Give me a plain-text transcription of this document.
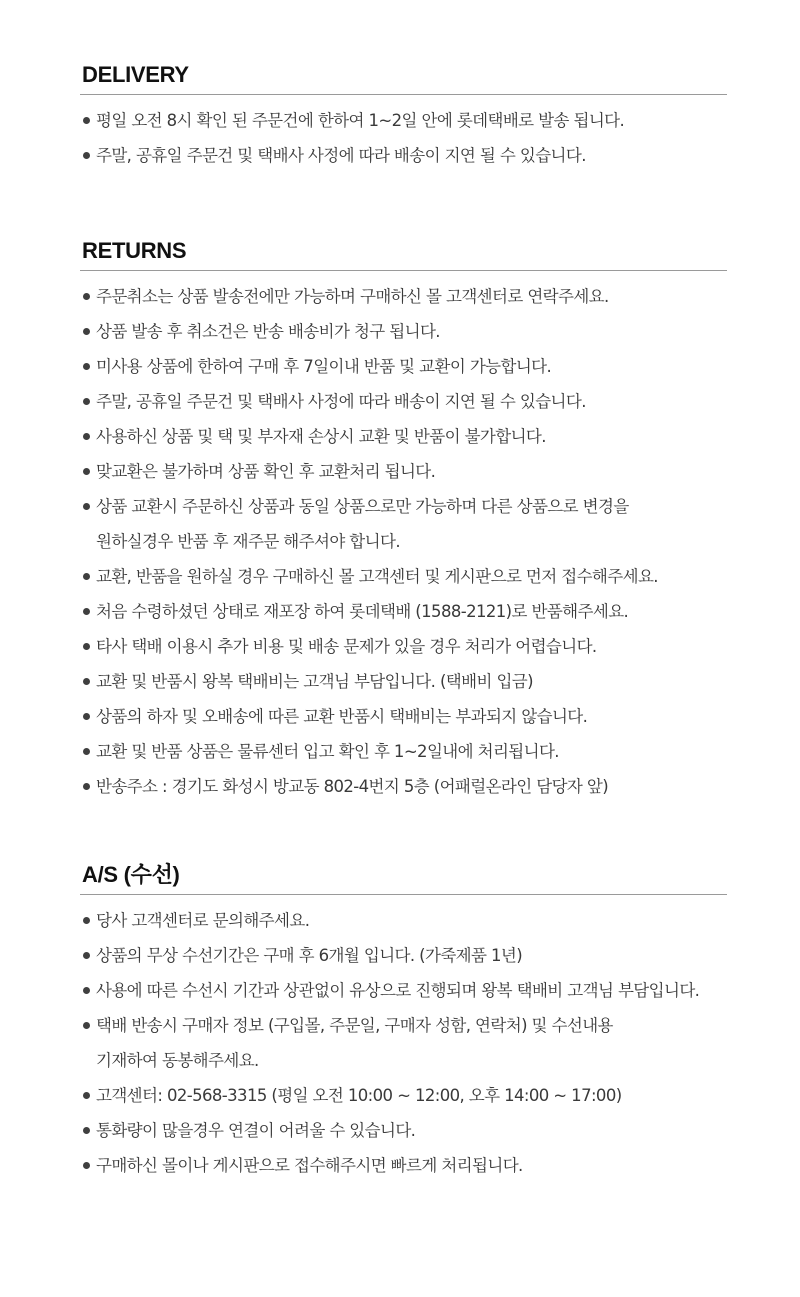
DELIVERY
평일 오전 8시 확인 된 주문건에 한하여 1~2일 안에 롯데택배로 발송 됩니다.
주말, 공휴일 주문건 및 택배사 사정에 따라 배송이 지연 될 수 있습니다.
RETURNS
주문취소는 상품 발송전에만 가능하며 구매하신 몰 고객센터로 연락주세요.
상품 발송 후 취소건은 반송 배송비가 청구 됩니다.
미사용 상품에 한하여 구매 후 7일이내 반품 및 교환이 가능합니다.
주말, 공휴일 주문건 및 택배사 사정에 따라 배송이 지연 될 수 있습니다.
사용하신 상품 및 택 및 부자재 손상시 교환 및 반품이 불가합니다.
맞교환은 불가하며 상품 확인 후 교환처리 됩니다.
상품 교환시 주문하신 상품과 동일 상품으로만 가능하며 다른 상품으로 변경을
원하실경우 반품 후 재주문 해주셔야 합니다.
교환, 반품을 원하실 경우 구매하신 몰 고객센터 및 게시판으로 먼저 접수해주세요.
처음 수령하셨던 상태로 재포장 하여 롯데택배 (1588-2121)로 반품해주세요.
타사 택배 이용시 추가 비용 및 배송 문제가 있을 경우 처리가 어렵습니다.
교환 및 반품시 왕복 택배비는 고객님 부담입니다. (택배비 입금)
상품의 하자 및 오배송에 따른 교환 반품시 택배비는 부과되지 않습니다.
교환 및 반품 상품은 물류센터 입고 확인 후 1~2일내에 처리됩니다.
반송주소 : 경기도 화성시 방교동 802-4번지 5층 (어패럴온라인 담당자 앞)
A/S (수선)
당사 고객센터로 문의해주세요.
상품의 무상 수선기간은 구매 후 6개월 입니다. (가죽제품 1년)
사용에 따른 수선시 기간과 상관없이 유상으로 진행되며 왕복 택배비 고객님 부담입니다.
택배 반송시 구매자 정보 (구입몰, 주문일, 구매자 성함, 연락처) 및 수선내용
기재하여 동봉해주세요.
고객센터: 02-568-3315 (평일 오전 10:00 ~ 12:00, 오후 14:00 ~ 17:00)
통화량이 많을경우 연결이 어려울 수 있습니다.
구매하신 몰이나 게시판으로 접수해주시면 빠르게 처리됩니다.
